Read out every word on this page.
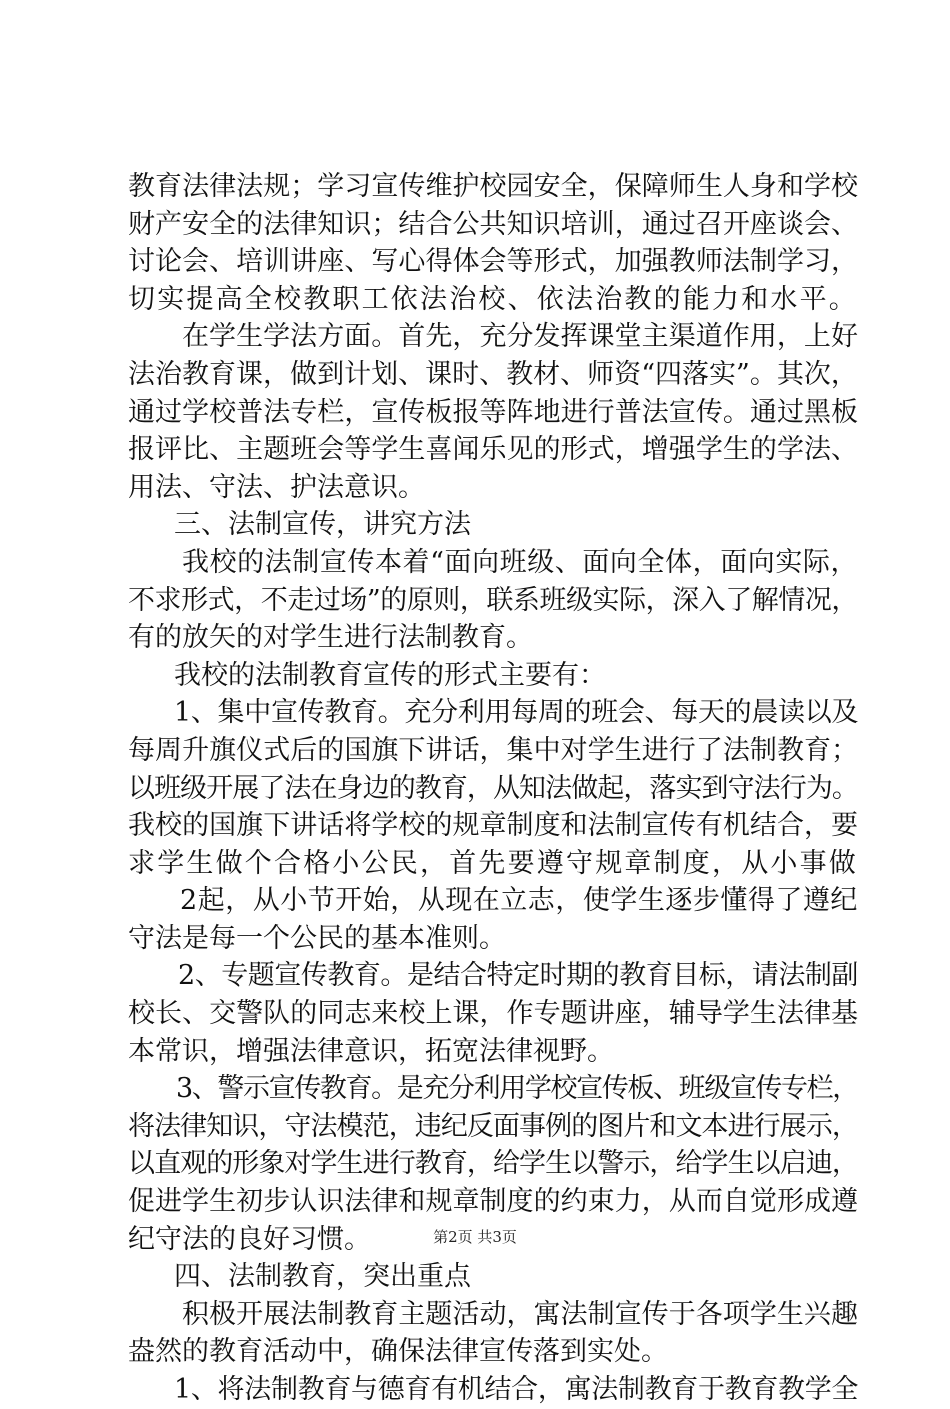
教育法律法规；学习宣传维护校园安全，保障师生人身和学校
财产安全的法律知识；结合公共知识培训，通过召开座谈会、
讨论会、培训讲座、写心得体会等形式，加强教师法制学习，
切实提高全校教职工依法治校、依法治教的能力和水平。
在学生学法方面。首先，充分发挥课堂主渠道作用，上好
法治教育课，做到计划、课时、教材、师资“四落实”。其次，
通过学校普法专栏，宣传板报等阵地进行普法宣传。通过黑板
报评比、主题班会等学生喜闻乐见的形式，增强学生的学法、
用法、守法、护法意识。
三、法制宣传，讲究方法
我校的法制宣传本着“面向班级、面向全体，面向实际，
不求形式，不走过场”的原则，联系班级实际，深入了解情况，
有的放矢的对学生进行法制教育。
我校的法制教育宣传的形式主要有：
1、集中宣传教育。充分利用每周的班会、每天的晨读以及
每周升旗仪式后的国旗下讲话，集中对学生进行了法制教育；
以班级开展了法在身边的教育，从知法做起，落实到守法行为。
我校的国旗下讲话将学校的规章制度和法制宣传有机结合，要
求学生做个合格小公民，首先要遵守规章制度，从小事做
2起，从小节开始，从现在立志，使学生逐步懂得了遵纪
守法是每一个公民的基本准则。
2、专题宣传教育。是结合特定时期的教育目标，请法制副
校长、交警队的同志来校上课，作专题讲座，辅导学生法律基
本常识，增强法律意识，拓宽法律视野。
3、警示宣传教育。是充分利用学校宣传板、班级宣传专栏，
将法律知识，守法模范，违纪反面事例的图片和文本进行展示，
以直观的形象对学生进行教育，给学生以警示，给学生以启迪，
促进学生初步认识法律和规章制度的约束力，从而自觉形成遵
纪守法的良好习惯。
四、法制教育，突出重点
积极开展法制教育主题活动，寓法制宣传于各项学生兴趣
盎然的教育活动中，确保法律宣传落到实处。
1、将法制教育与德育有机结合，寓法制教育于教育教学全
第2页 共3页
